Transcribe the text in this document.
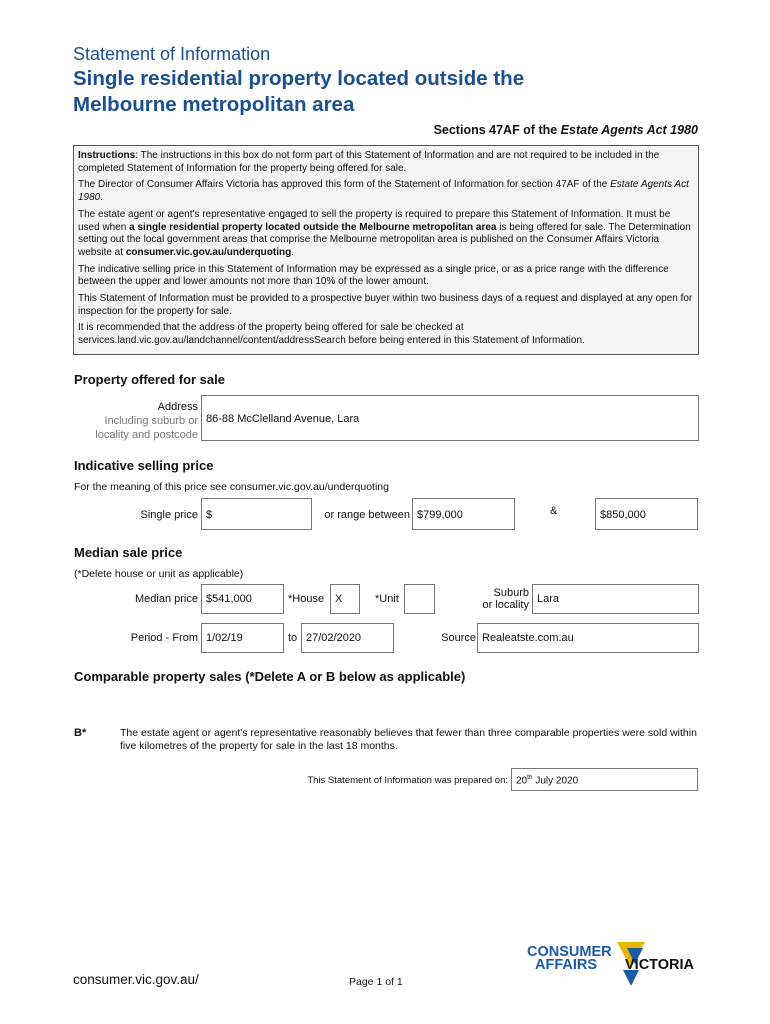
Statement of Information
Single residential property located outside the
Melbourne metropolitan area
Sections 47AF of the Estate Agents Act 1980

Instructions: The instructions in this box do not form part of this Statement of Information and are not required to be included in the completed Statement of Information for the property being offered for sale.

The Director of Consumer Affairs Victoria has approved this form of the Statement of Information for section 47AF of the Estate Agents Act 1980.

The estate agent or agent's representative engaged to sell the property is required to prepare this Statement of Information. It must be used when a single residential property located outside the Melbourne metropolitan area is being offered for sale. The Determination setting out the local government areas that comprise the Melbourne metropolitan area is published on the Consumer Affairs Victoria website at consumer.vic.gov.au/underquoting.

The indicative selling price in this Statement of Information may be expressed as a single price, or as a price range with the difference between the upper and lower amounts not more than 10% of the lower amount.

This Statement of Information must be provided to a prospective buyer within two business days of a request and displayed at any open for inspection for the property for sale.

It is recommended that the address of the property being offered for sale be checked at services.land.vic.gov.au/landchannel/content/addressSearch before being entered in this Statement of Information.

Property offered for sale
Address
Including suburb or
locality and postcode
86-88 McClelland Avenue, Lara
Indicative selling price
For the meaning of this price see consumer.vic.gov.au/underquoting
Single price $	or range between $799,000	&	$850,000
Median sale price
(*Delete house or unit as applicable)
Median price $541,000	*House X	*Unit	Suburb
or locality Lara
Period - From 1/02/19	to 27/02/2020	Source Realeatste.com.au
Comparable property sales (*Delete A or B below as applicable)
B*	The estate agent or agent's representative reasonably believes that fewer than three comparable properties were sold within five kilometres of the property for sale in the last 18 months.
This Statement of Information was prepared on: 20th July 2020
consumer.vic.gov.au/	Page 1 of 1
CONSUMER
AFFAIRS VICTORIA
